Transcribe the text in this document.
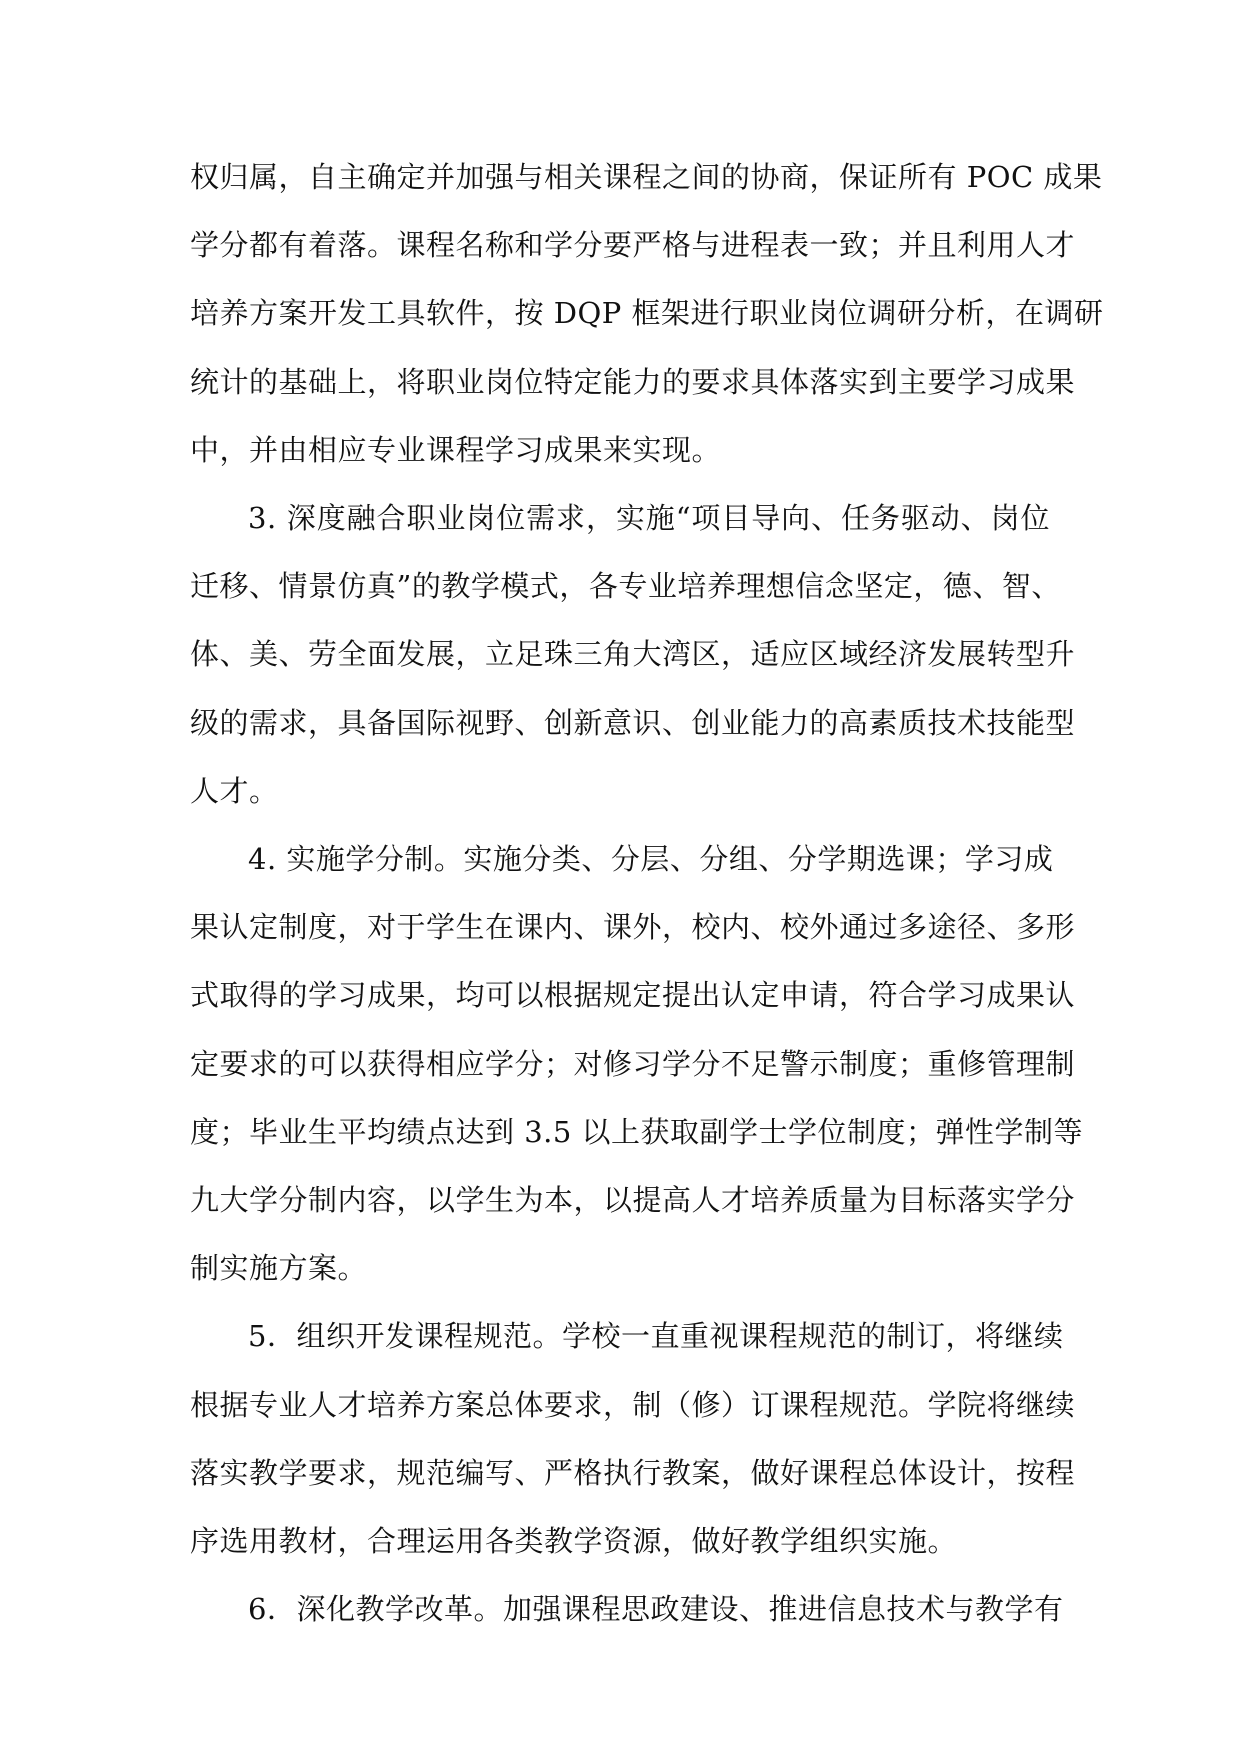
权归属，自主确定并加强与相关课程之间的协商，保证所有 POC 成果

学分都有着落。课程名称和学分要严格与进程表一致；并且利用人才

培养方案开发工具软件，按 DQP 框架进行职业岗位调研分析，在调研

统计的基础上，将职业岗位特定能力的要求具体落实到主要学习成果

中，并由相应专业课程学习成果来实现。

3. 深度融合职业岗位需求，实施“项目导向、任务驱动、岗位

迁移、情景仿真”的教学模式，各专业培养理想信念坚定，德、智、

体、美、劳全面发展，立足珠三角大湾区，适应区域经济发展转型升

级的需求，具备国际视野、创新意识、创业能力的高素质技术技能型

人才。

4. 实施学分制。实施分类、分层、分组、分学期选课；学习成

果认定制度，对于学生在课内、课外，校内、校外通过多途径、多形

式取得的学习成果，均可以根据规定提出认定申请，符合学习成果认

定要求的可以获得相应学分；对修习学分不足警示制度；重修管理制

度；毕业生平均绩点达到 3.5 以上获取副学士学位制度；弹性学制等

九大学分制内容，以学生为本，以提高人才培养质量为目标落实学分

制实施方案。

5．组织开发课程规范。学校一直重视课程规范的制订，将继续

根据专业人才培养方案总体要求，制（修）订课程规范。学院将继续

落实教学要求，规范编写、严格执行教案，做好课程总体设计，按程

序选用教材，合理运用各类教学资源，做好教学组织实施。

6．深化教学改革。加强课程思政建设、推进信息技术与教学有
